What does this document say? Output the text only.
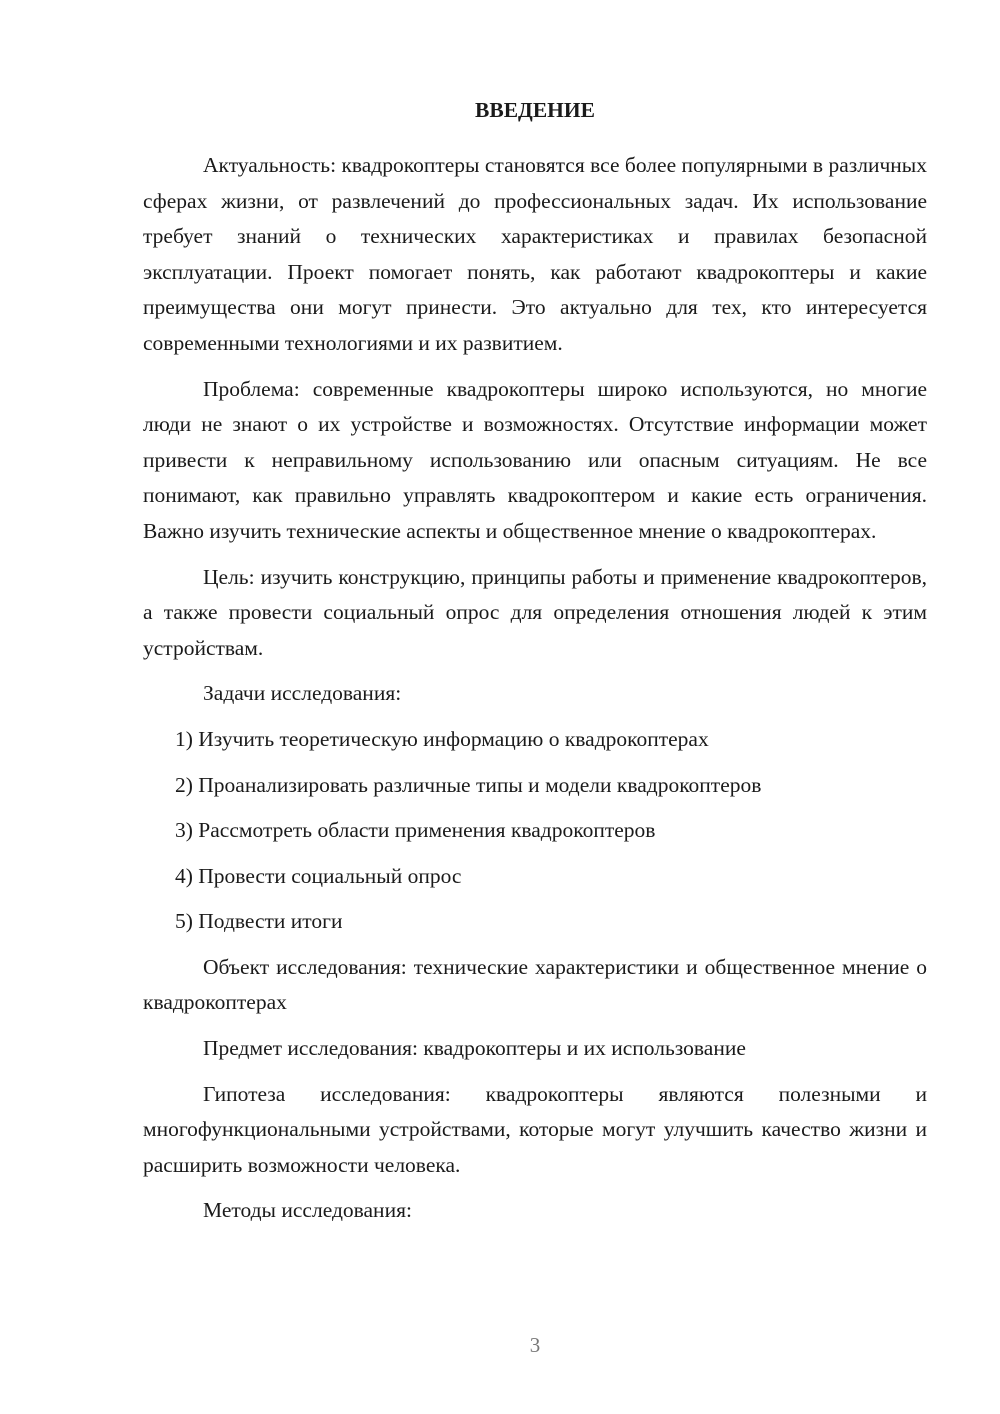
ВВЕДЕНИЕ

Актуальность: квадрокоптеры становятся все более популярными в различных сферах жизни, от развлечений до профессиональных задач. Их использование требует знаний о технических характеристиках и правилах безопасной эксплуатации. Проект помогает понять, как работают квадрокоптеры и какие преимущества они могут принести. Это актуально для тех, кто интересуется современными технологиями и их развитием.

Проблема: современные квадрокоптеры широко используются, но многие люди не знают о их устройстве и возможностях. Отсутствие информации может привести к неправильному использованию или опасным ситуациям. Не все понимают, как правильно управлять квадрокоптером и какие есть ограничения. Важно изучить технические аспекты и общественное мнение о квадрокоптерах.

Цель: изучить конструкцию, принципы работы и применение квадрокоптеров, а также провести социальный опрос для определения отношения людей к этим устройствам.

Задачи исследования:

1) Изучить теоретическую информацию о квадрокоптерах

2) Проанализировать различные типы и модели квадрокоптеров

3) Рассмотреть области применения квадрокоптеров

4) Провести социальный опрос

5) Подвести итоги

Объект исследования: технические характеристики и общественное мнение о квадрокоптерах

Предмет исследования: квадрокоптеры и их использование

Гипотеза исследования: квадрокоптеры являются полезными и многофункциональными устройствами, которые могут улучшить качество жизни и расширить возможности человека.

Методы исследования:

3
